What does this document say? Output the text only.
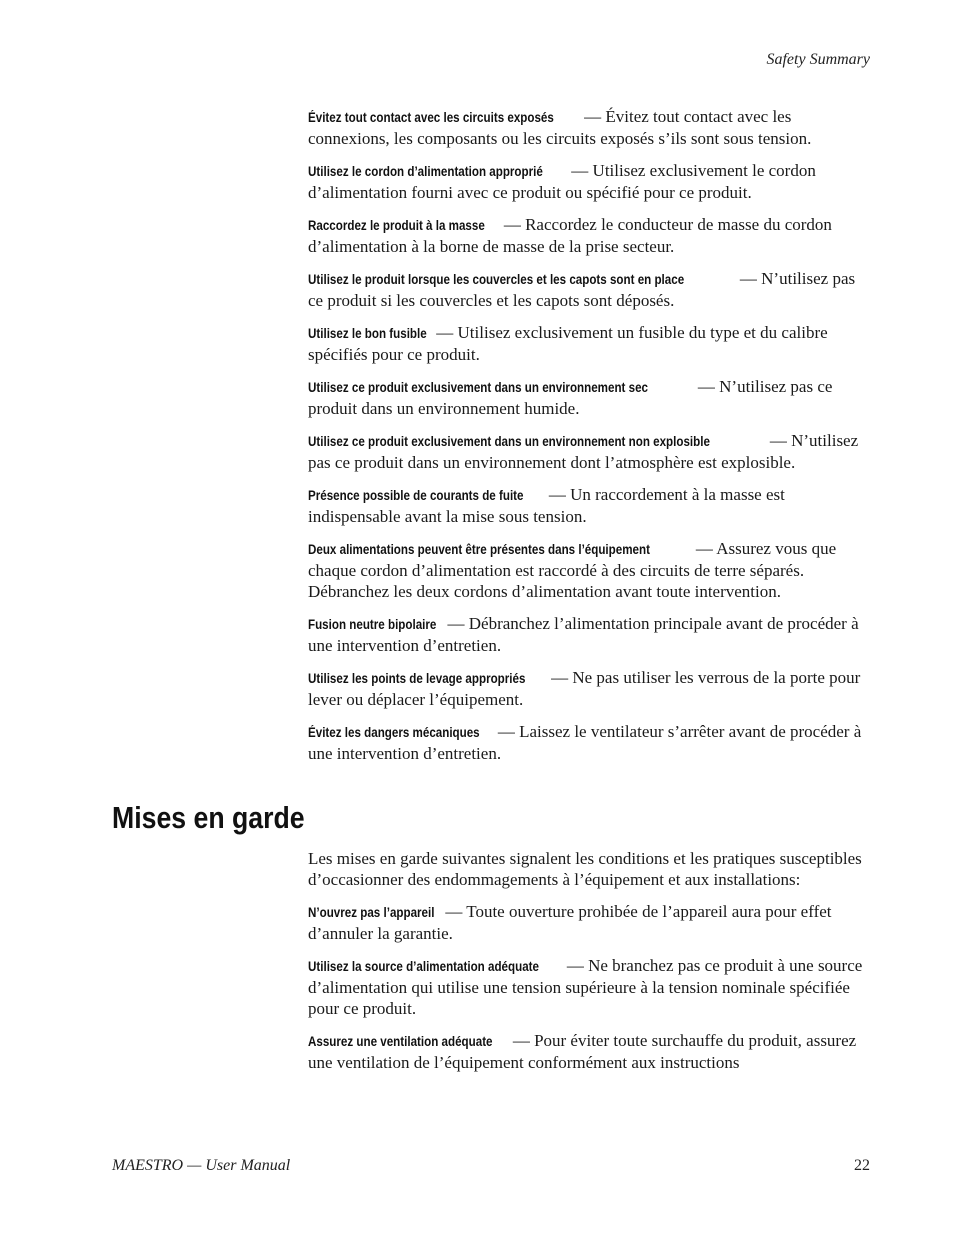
Safety Summary

Évitez tout contact avec les circuits exposés — Évitez tout contact avec les connexions, les composants ou les circuits exposés s’ils sont sous tension.

Utilisez le cordon d’alimentation approprié — Utilisez exclusivement le cordon d’alimentation fourni avec ce produit ou spécifié pour ce produit.

Raccordez le produit à la masse — Raccordez le conducteur de masse du cordon d’alimentation à la borne de masse de la prise secteur.

Utilisez le produit lorsque les couvercles et les capots sont en place	— N’utilisez pas ce produit si les couvercles et les capots sont déposés.

Utilisez le bon fusible — Utilisez exclusivement un fusible du type et du calibre spécifiés pour ce produit.

Utilisez ce produit exclusivement dans un environnement sec  — N’utilisez pas ce produit dans un environnement humide.

Utilisez ce produit exclusivement dans un environnement non explosible	— N’utilisez pas ce produit dans un environnement dont l’atmosphère est explosible.

Présence possible de courants de fuite — Un raccordement à la masse est indispensable avant la mise sous tension.

Deux alimentations peuvent être présentes dans l’équipement — Assurez vous que chaque cordon d’alimentation est raccordé à des circuits de terre séparés. Débranchez les deux cordons d’alimentation avant toute intervention.

Fusion neutre bipolaire — Débranchez l’alimentation principale avant de procéder à une intervention d’entretien.

Utilisez les points de levage appropriés — Ne pas utiliser les verrous de la porte pour lever ou déplacer l’équipement.

Évitez les dangers mécaniques — Laissez le ventilateur s’arrêter avant de procéder à une intervention d’entretien.

Mises en garde

Les mises en garde suivantes signalent les conditions et les pratiques susceptibles d’occasionner des endommagements à l’équipement et aux installations:

N’ouvrez pas l’appareil — Toute ouverture prohibée de l’appareil aura pour effet d’annuler la garantie.

Utilisez la source d’alimentation adéquate — Ne branchez pas ce produit à une source d’alimentation qui utilise une tension supérieure à la tension nominale spécifiée pour ce produit.

Assurez une ventilation adéquate — Pour éviter toute surchauffe du produit, assurez une ventilation de l’équipement conformément aux instructions

MAESTRO — User Manual	22
